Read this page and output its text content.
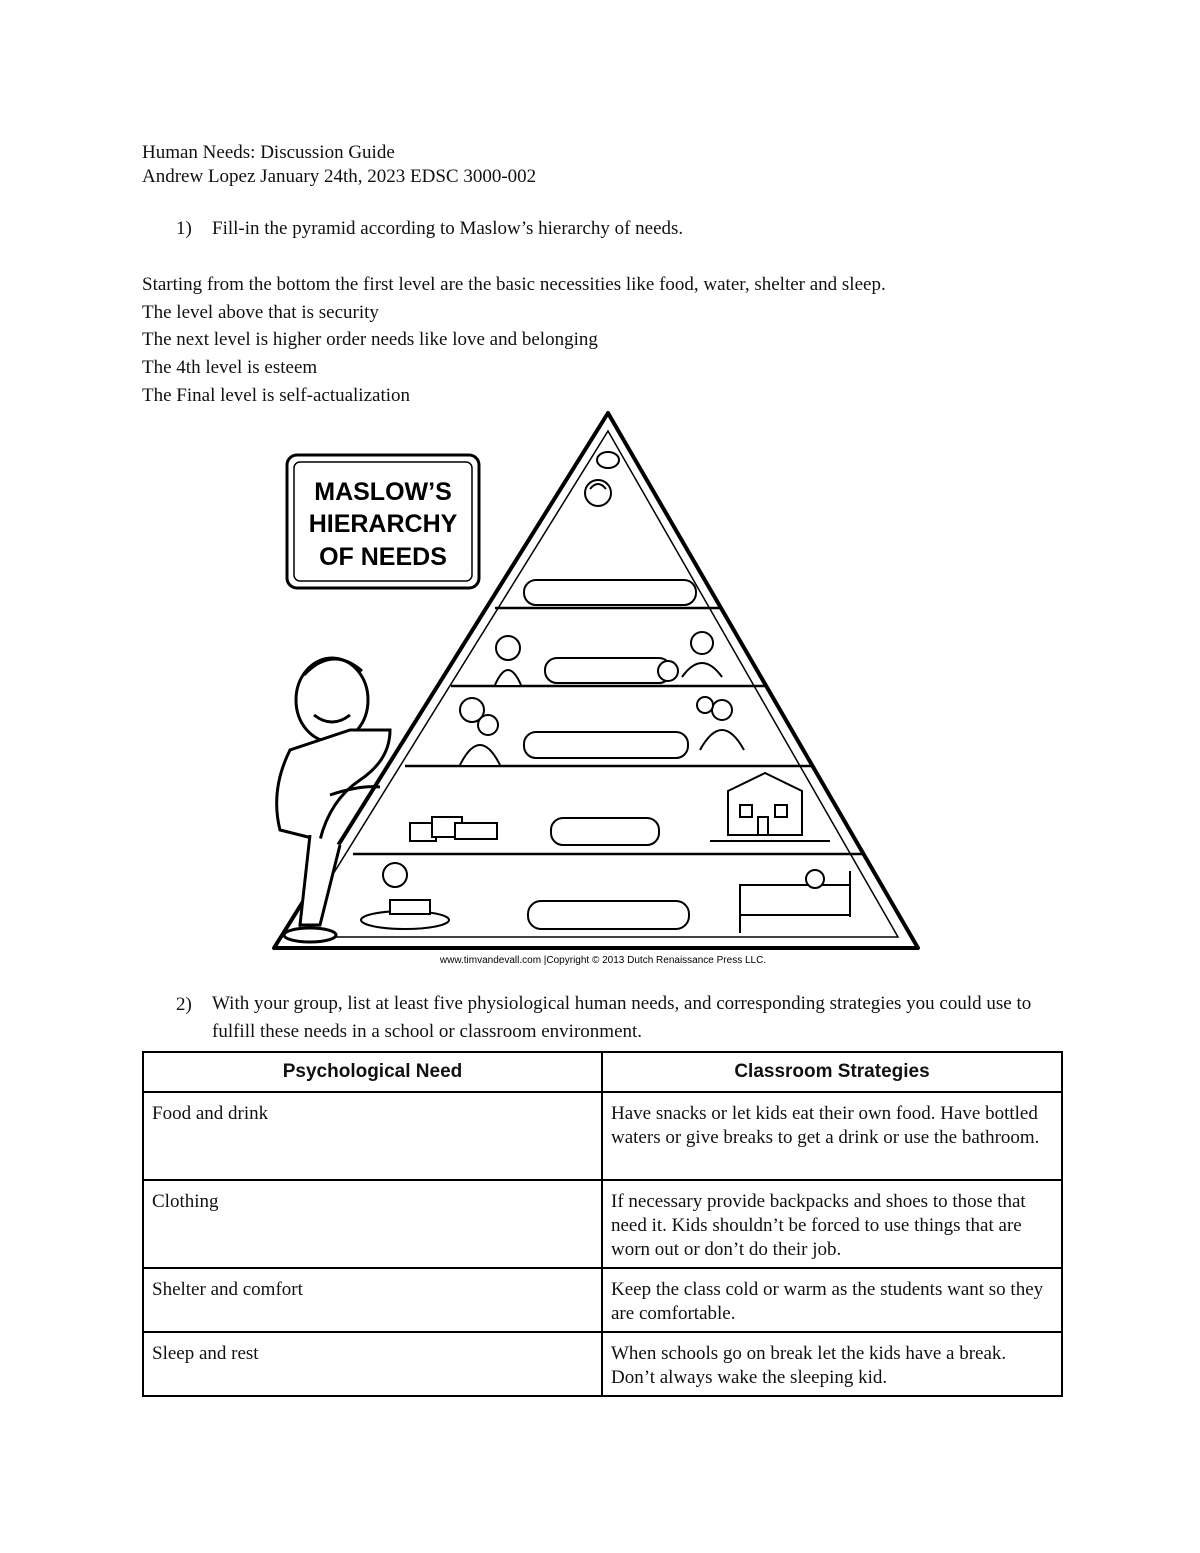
Human Needs: Discussion Guide
Andrew Lopez January 24th, 2023 EDSC 3000-002
1) Fill-in the pyramid according to Maslow’s hierarchy of needs.
Starting from the bottom the first level are the basic necessities like food, water, shelter and sleep.
The level above that is security
The next level is higher order needs like love and belonging
The 4th level is esteem
The Final level is self-actualization
MASLOW’S
HIERARCHY
OF NEEDS
www.timvandevall.com |Copyright © 2013 Dutch Renaissance Press LLC.
2) With your group, list at least five physiological human needs, and corresponding strategies you could use to fulfill these needs in a school or classroom environment.
Psychological Need	Classroom Strategies
Food and drink	Have snacks or let kids eat their own food. Have bottled waters or give breaks to get a drink or use the bathroom.
Clothing	If necessary provide backpacks and shoes to those that need it. Kids shouldn’t be forced to use things that are worn out or don’t do their job.
Shelter and comfort	Keep the class cold or warm as the students want so they are comfortable.
Sleep and rest	When schools go on break let the kids have a break. Don’t always wake the sleeping kid.
